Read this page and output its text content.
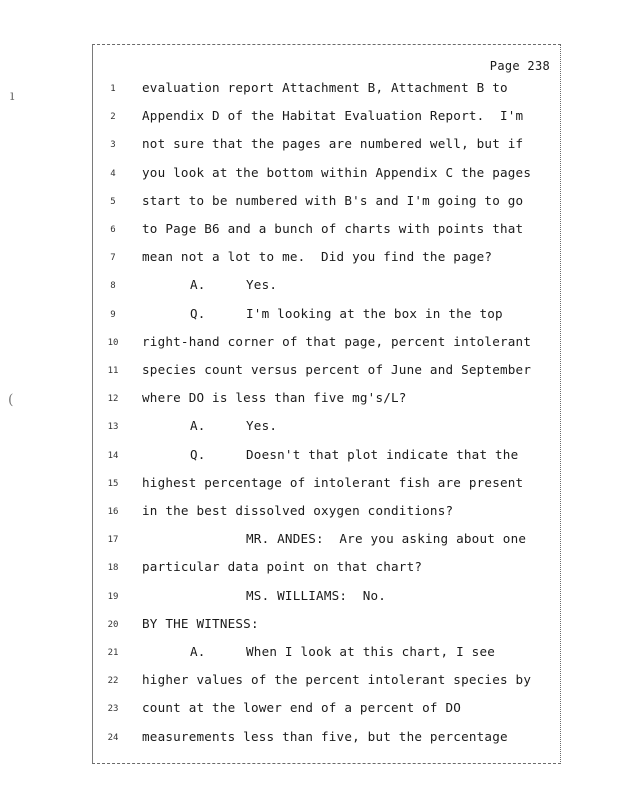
Page 238
1	evaluation report Attachment B, Attachment B to
2	Appendix D of the Habitat Evaluation Report.  I'm
3	not sure that the pages are numbered well, but if
4	you look at the bottom within Appendix C the pages
5	start to be numbered with B's and I'm going to go
6	to Page B6 and a bunch of charts with points that
7	mean not a lot to me.  Did you find the page?
8	A.	Yes.
9	Q.	I'm looking at the box in the top
10	right-hand corner of that page, percent intolerant
11	species count versus percent of June and September
12	where DO is less than five mg's/L?
13	A.	Yes.
14	Q.	Doesn't that plot indicate that the
15	highest percentage of intolerant fish are present
16	in the best dissolved oxygen conditions?
17	MR. ANDES:  Are you asking about one
18	particular data point on that chart?
19	MS. WILLIAMS:  No.
20	BY THE WITNESS:
21	A.	When I look at this chart, I see
22	higher values of the percent intolerant species by
23	count at the lower end of a percent of DO
24	measurements less than five, but the percentage
ı
(
